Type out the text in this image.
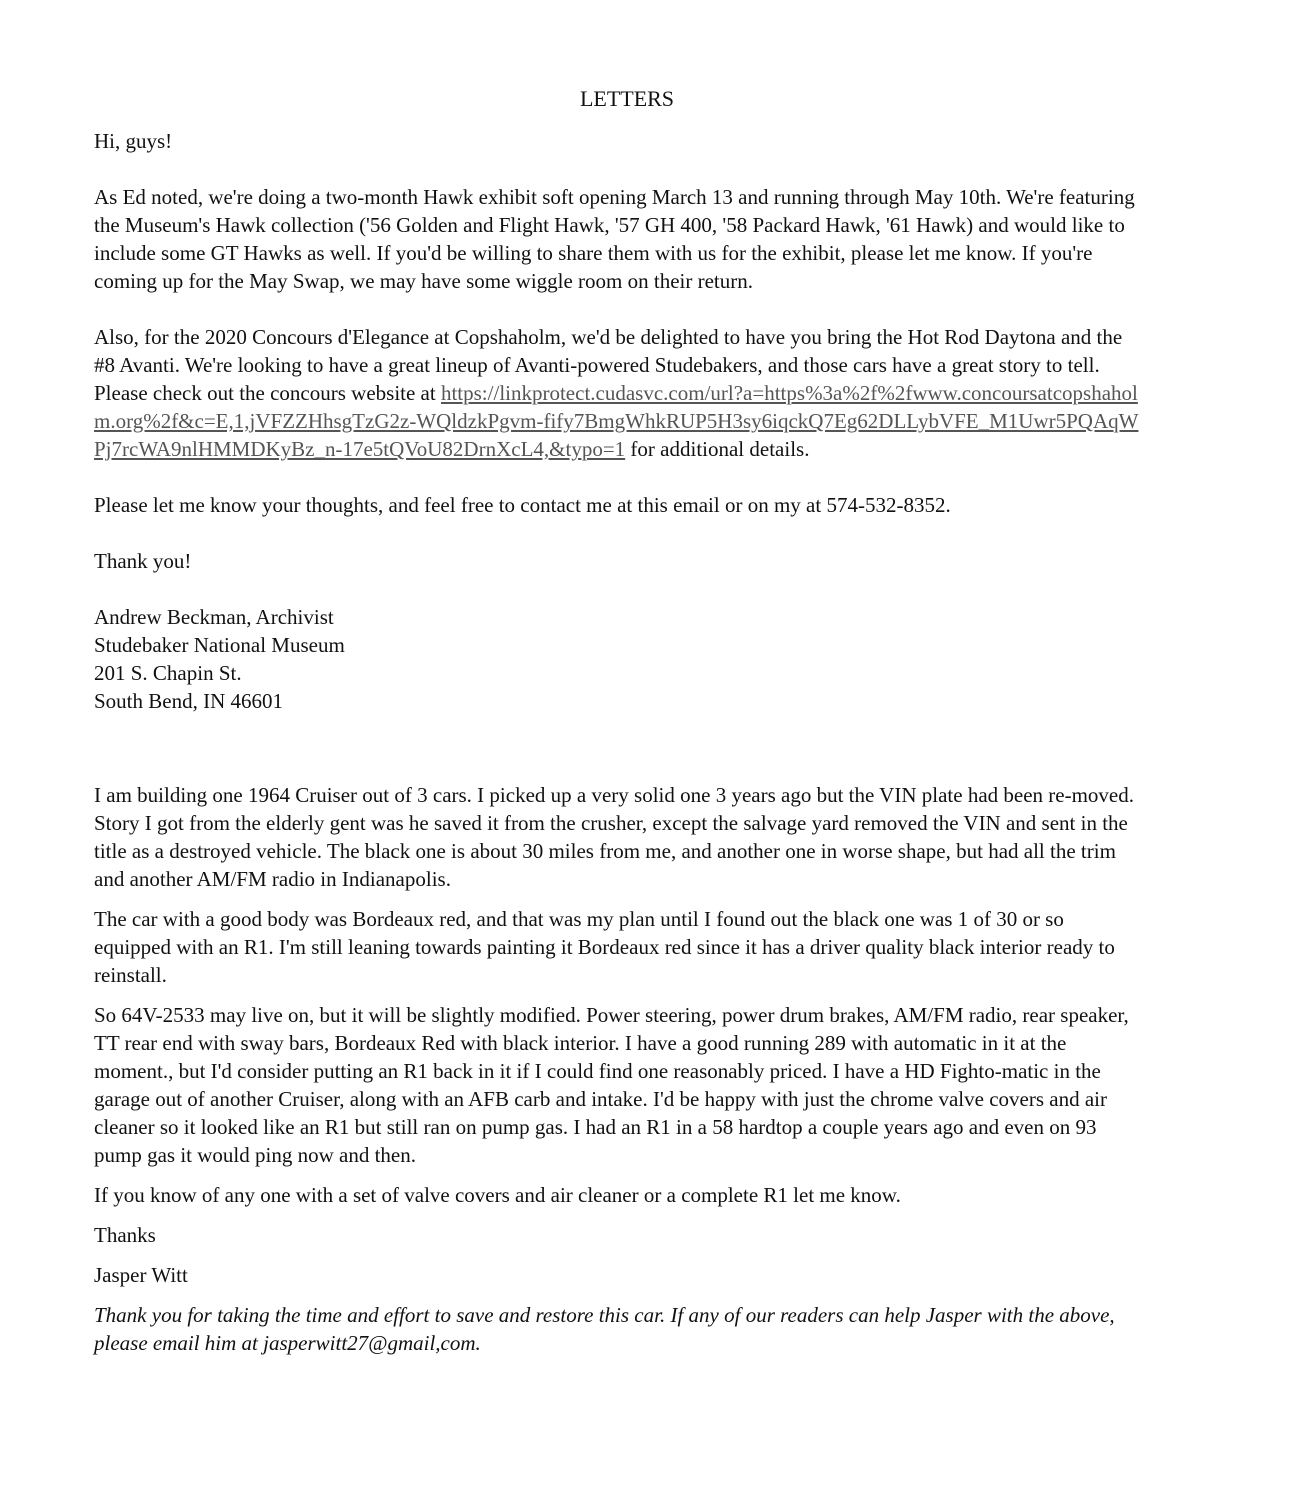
LETTERS

Hi, guys!

As Ed noted, we're doing a two-month Hawk exhibit soft opening March 13 and running through May 10th. We're featuring the Museum's Hawk collection ('56 Golden and Flight Hawk, '57 GH 400, '58 Packard Hawk, '61 Hawk) and would like to include some GT Hawks as well. If you'd be willing to share them with us for the exhibit, please let me know. If you're coming up for the May Swap, we may have some wiggle room on their return.

Also, for the 2020 Concours d'Elegance at Copshaholm, we'd be delighted to have you bring the Hot Rod Daytona and the #8 Avanti. We're looking to have a great lineup of Avanti-powered Studebakers, and those cars have a great story to tell. Please check out the concours website at https://linkprotect.cudasvc.com/url?a=https%3a%2f%2fwww.concoursatcopshaholm.org%2f&c=E,1,jVFZZHhsgTzG2z-WQldzkPgvm-fify7BmgWhkRUP5H3sy6iqckQ7Eg62DLLybVFE_M1Uwr5PQAqWPj7rcWA9nlHMMDKyBz_n-17e5tQVoU82DrnXcL4,&typo=1 for additional details.

Please let me know your thoughts, and feel free to contact me at this email or on my at 574-532-8352.

Thank you!

Andrew Beckman, Archivist
Studebaker National Museum
201 S. Chapin St.
South Bend, IN 46601

I am building one 1964 Cruiser out of 3 cars. I picked up a very solid one 3 years ago but the VIN plate had been re-moved. Story I got from the elderly gent was he saved it from the crusher, except the salvage yard removed the VIN and sent in the title as a destroyed vehicle. The black one is about 30 miles from me, and another one in worse shape, but had all the trim and another AM/FM radio in Indianapolis.

The car with a good body was Bordeaux red, and that was my plan until I found out the black one was 1 of 30 or so equipped with an R1. I'm still leaning towards painting it Bordeaux red since it has a driver quality black interior ready to reinstall.

So 64V-2533 may live on, but it will be slightly modified. Power steering, power drum brakes, AM/FM radio, rear speaker, TT rear end with sway bars, Bordeaux Red with black interior. I have a good running 289 with automatic in it at the moment., but I'd consider putting an R1 back in it if I could find one reasonably priced. I have a HD Fighto-matic in the garage out of another Cruiser, along with an AFB carb and intake. I'd be happy with just the chrome valve covers and air cleaner so it looked like an R1 but still ran on pump gas. I had an R1 in a 58 hardtop a couple years ago and even on 93 pump gas it would ping now and then.

If you know of any one with a set of valve covers and air cleaner or a complete R1 let me know.

Thanks

Jasper Witt

Thank you for taking the time and effort to save and restore this car. If any of our readers can help Jasper with the above, please email him at jasperwitt27@gmail,com.
